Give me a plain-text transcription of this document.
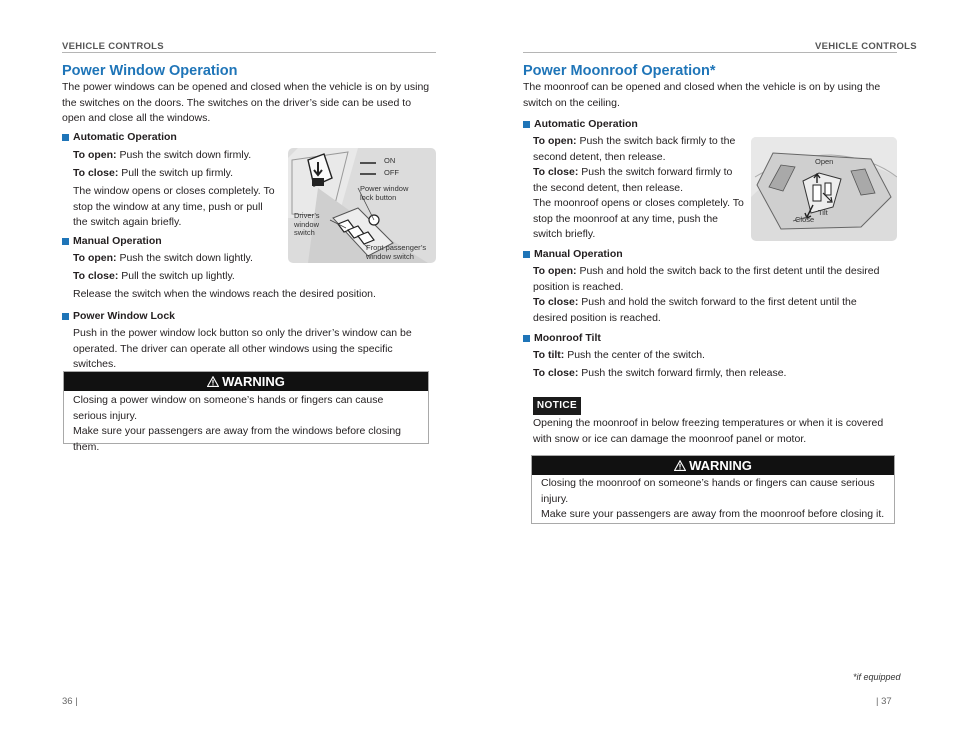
VEHICLE CONTROLS
Power Window Operation
The power windows can be opened and closed when the vehicle is on by using the switches on the doors. The switches on the driver’s side can be used to open and close all the windows.
Automatic Operation
To open: Push the switch down firmly.
To close: Pull the switch up firmly.
The window opens or closes completely. To stop the window at any time, push or pull the switch again briefly.
Manual Operation
To open: Push the switch down lightly.
To close: Pull the switch up lightly.
Release the switch when the windows reach the desired position.
Power Window Lock
Push in the power window lock button so only the driver’s window can be operated. The driver can operate all other windows using the specific switches.
ON
OFF
Power window lock button
Driver’s window switch
Front passenger’s window switch
WARNING
Closing a power window on someone’s hands or fingers can cause serious injury.
Make sure your passengers are away from the windows before closing them.
36 |
VEHICLE CONTROLS
Power Moonroof Operation*
The moonroof can be opened and closed when the vehicle is on by using the switch on the ceiling.
Automatic Operation
To open: Push the switch back firmly to the second detent, then release.
To close: Push the switch forward firmly to the second detent, then release.
The moonroof opens or closes completely. To stop the moonroof at any time, push the switch briefly.
Open
Tilt
Close
Manual Operation
To open: Push and hold the switch back to the first detent until the desired position is reached.
To close: Push and hold the switch forward to the first detent until the desired position is reached.
Moonroof Tilt
To tilt: Push the center of the switch.
To close: Push the switch forward firmly, then release.
NOTICE
Opening the moonroof in below freezing temperatures or when it is covered with snow or ice can damage the moonroof panel or motor.
WARNING
Closing the moonroof on someone’s hands or fingers can cause serious injury.
Make sure your passengers are away from the moonroof before closing it.
*if equipped
| 37
